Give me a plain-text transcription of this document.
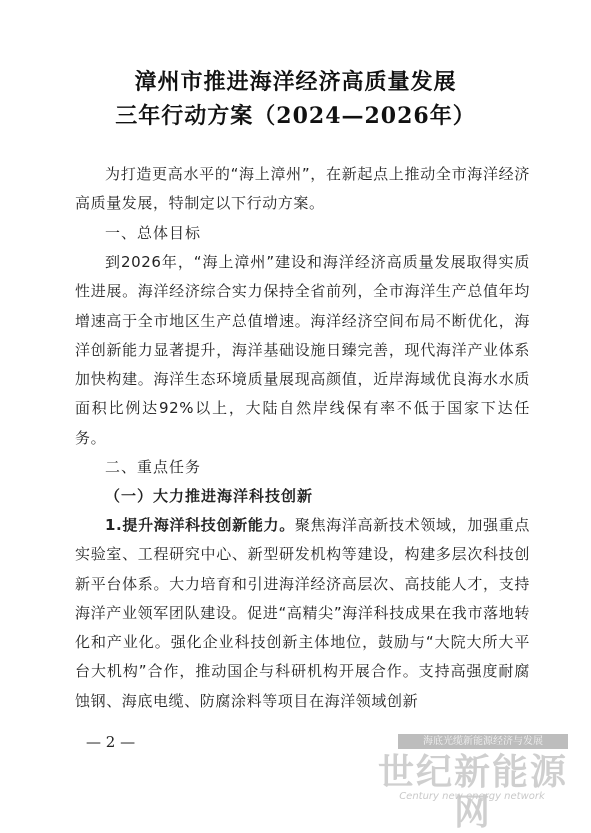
漳州市推进海洋经济高质量发展
三年行动方案（2024—2026年）

为打造更高水平的“海上漳州”，在新起点上推动全市海洋经济高质量发展，特制定以下行动方案。

一、总体目标

到2026年，“海上漳州”建设和海洋经济高质量发展取得实质性进展。海洋经济综合实力保持全省前列，全市海洋生产总值年均增速高于全市地区生产总值增速。海洋经济空间布局不断优化，海洋创新能力显著提升，海洋基础设施日臻完善，现代海洋产业体系加快构建。海洋生态环境质量展现高颜值，近岸海域优良海水水质面积比例达92%以上，大陆自然岸线保有率不低于国家下达任务。

二、重点任务

（一）大力推进海洋科技创新

1.提升海洋科技创新能力。聚焦海洋高新技术领域，加强重点实验室、工程研究中心、新型研发机构等建设，构建多层次科技创新平台体系。大力培育和引进海洋经济高层次、高技能人才，支持海洋产业领军团队建设。促进“高精尖”海洋科技成果在我市落地转化和产业化。强化企业科技创新主体地位，鼓励与“大院大所大平台大机构”合作，推动国企与科研机构开展合作。支持高强度耐腐蚀钢、海底电缆、防腐涂料等项目在海洋领域创新

— 2 —	海底光缆新能源经济与发展
世纪新能源网
Century new energy network
